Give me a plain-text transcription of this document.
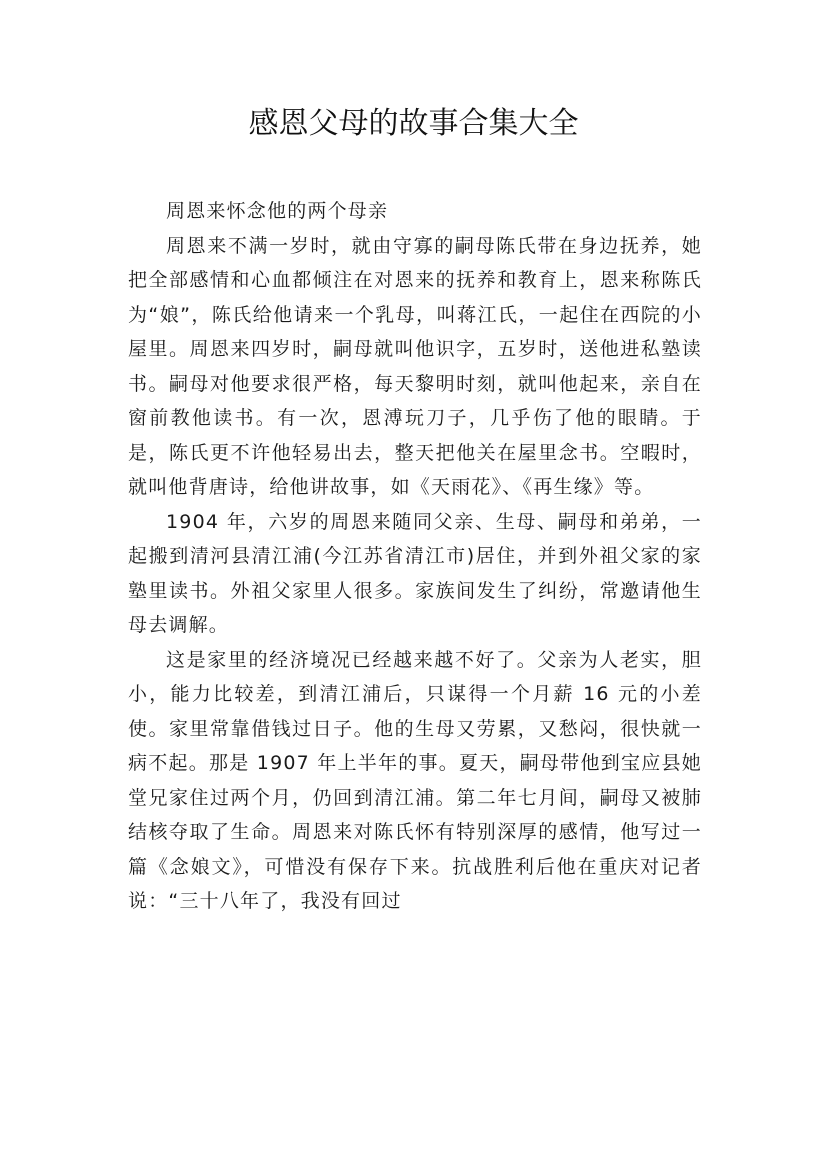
感恩父母的故事合集大全

周恩来怀念他的两个母亲

周恩来不满一岁时，就由守寡的嗣母陈氏带在身边抚养，她把全部感情和心血都倾注在对恩来的抚养和教育上，恩来称陈氏为“娘”，陈氏给他请来一个乳母，叫蒋江氏，一起住在西院的小屋里。周恩来四岁时，嗣母就叫他识字，五岁时，送他进私塾读书。嗣母对他要求很严格，每天黎明时刻，就叫他起来，亲自在窗前教他读书。有一次，恩溥玩刀子，几乎伤了他的眼睛。于是，陈氏更不许他轻易出去，整天把他关在屋里念书。空暇时，就叫他背唐诗，给他讲故事，如《天雨花》、《再生缘》等。

1904 年，六岁的周恩来随同父亲、生母、嗣母和弟弟，一起搬到清河县清江浦(今江苏省清江市)居住，并到外祖父家的家塾里读书。外祖父家里人很多。家族间发生了纠纷，常邀请他生母去调解。

这是家里的经济境况已经越来越不好了。父亲为人老实，胆小，能力比较差，到清江浦后，只谋得一个月薪 16 元的小差使。家里常靠借钱过日子。他的生母又劳累，又愁闷，很快就一病不起。那是 1907 年上半年的事。夏天，嗣母带他到宝应县她堂兄家住过两个月，仍回到清江浦。第二年七月间，嗣母又被肺结核夺取了生命。周恩来对陈氏怀有特别深厚的感情，他写过一篇《念娘文》，可惜没有保存下来。抗战胜利后他在重庆对记者说：“三十八年了，我没有回过
